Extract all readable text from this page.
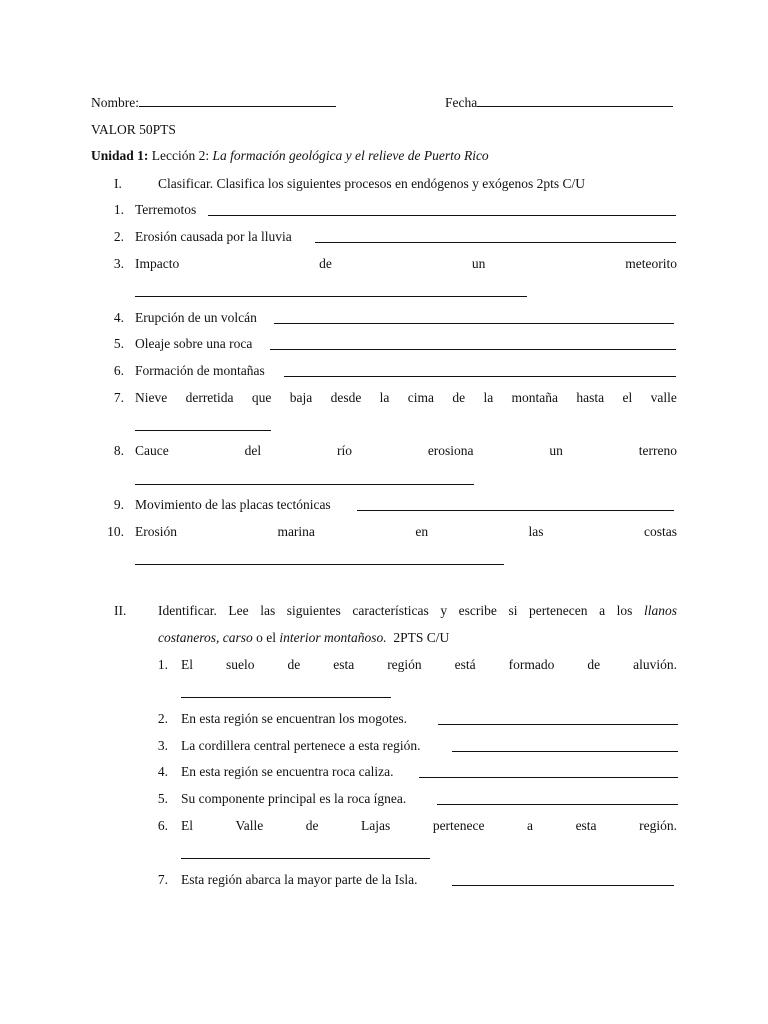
Nombre:	Fecha
VALOR 50PTS
Unidad 1: Lección 2: La formación geológica y el relieve de Puerto Rico
I.	Clasificar. Clasifica los siguientes procesos en endógenos y exógenos 2pts C/U
1. Terremotos
2. Erosión causada por la lluvia
3. Impacto	de	un	meteorito
4. Erupción de un volcán
5. Oleaje sobre una roca
6. Formación de montañas
7. Nieve derretida que baja desde la cima de la montaña hasta el valle
8. Cauce	del	río	erosiona	un	terreno
9. Movimiento de las placas tectónicas
10. Erosión	marina	en	las	costas
II. Identificar. Lee las siguientes características y escribe si pertenecen a los llanos
costaneros, carso o el interior montañoso.  2PTS C/U
1. El suelo de esta región está formado de aluvión.
2. En esta región se encuentran los mogotes.
3. La cordillera central pertenece a esta región.
4. En esta región se encuentra roca caliza.
5. Su componente principal es la roca ígnea.
6. El	Valle	de	Lajas	pertenece	a	esta	región.
7. Esta región abarca la mayor parte de la Isla.
